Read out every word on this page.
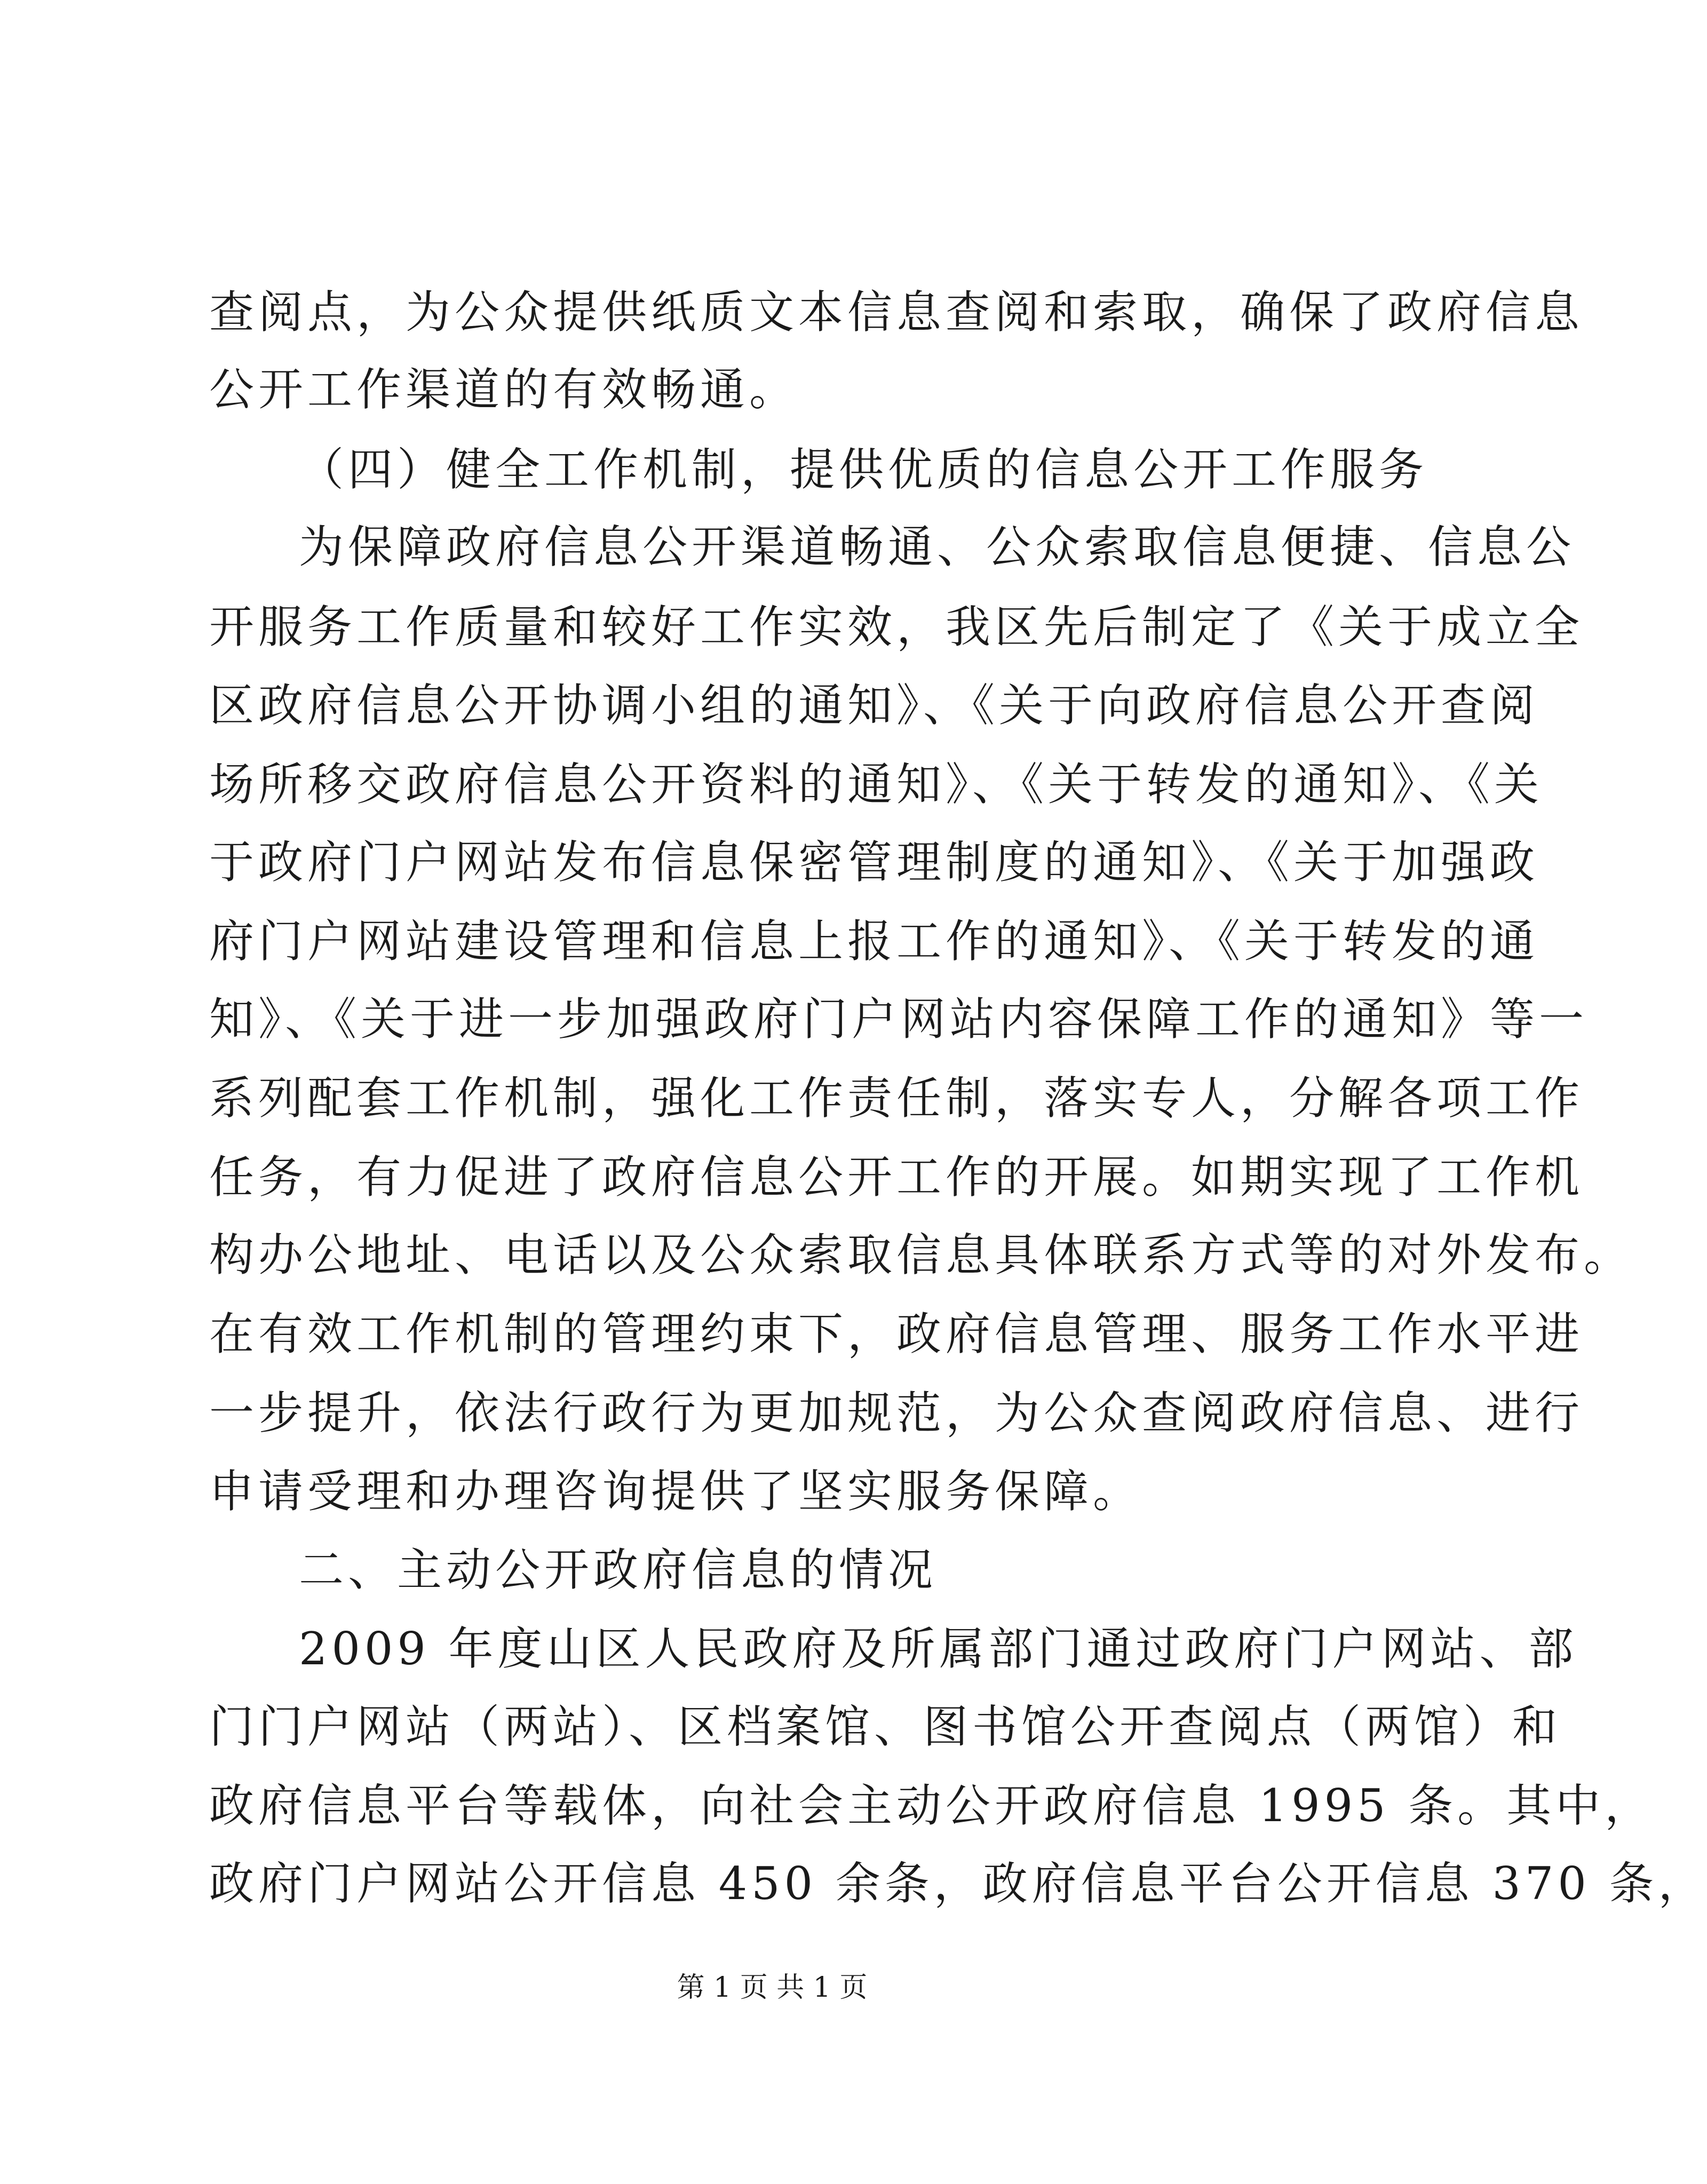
查阅点，为公众提供纸质文本信息查阅和索取，确保了政府信息
公开工作渠道的有效畅通。
（四）健全工作机制，提供优质的信息公开工作服务
为保障政府信息公开渠道畅通、公众索取信息便捷、信息公
开服务工作质量和较好工作实效，我区先后制定了《关于成立全
区政府信息公开协调小组的通知》、《关于向政府信息公开查阅
场所移交政府信息公开资料的通知》、《关于转发的通知》、《关
于政府门户网站发布信息保密管理制度的通知》、《关于加强政
府门户网站建设管理和信息上报工作的通知》、《关于转发的通
知》、《关于进一步加强政府门户网站内容保障工作的通知》等一
系列配套工作机制，强化工作责任制，落实专人，分解各项工作
任务，有力促进了政府信息公开工作的开展。如期实现了工作机
构办公地址、电话以及公众索取信息具体联系方式等的对外发布。
在有效工作机制的管理约束下，政府信息管理、服务工作水平进
一步提升，依法行政行为更加规范，为公众查阅政府信息、进行
申请受理和办理咨询提供了坚实服务保障。
二、主动公开政府信息的情况
2009 年度山区人民政府及所属部门通过政府门户网站、部
门门户网站（两站）、区档案馆、图书馆公开查阅点（两馆）和
政府信息平台等载体，向社会主动公开政府信息 1995 条。其中，
政府门户网站公开信息 450 余条，政府信息平台公开信息 370 条，
第 1 页 共 1 页
